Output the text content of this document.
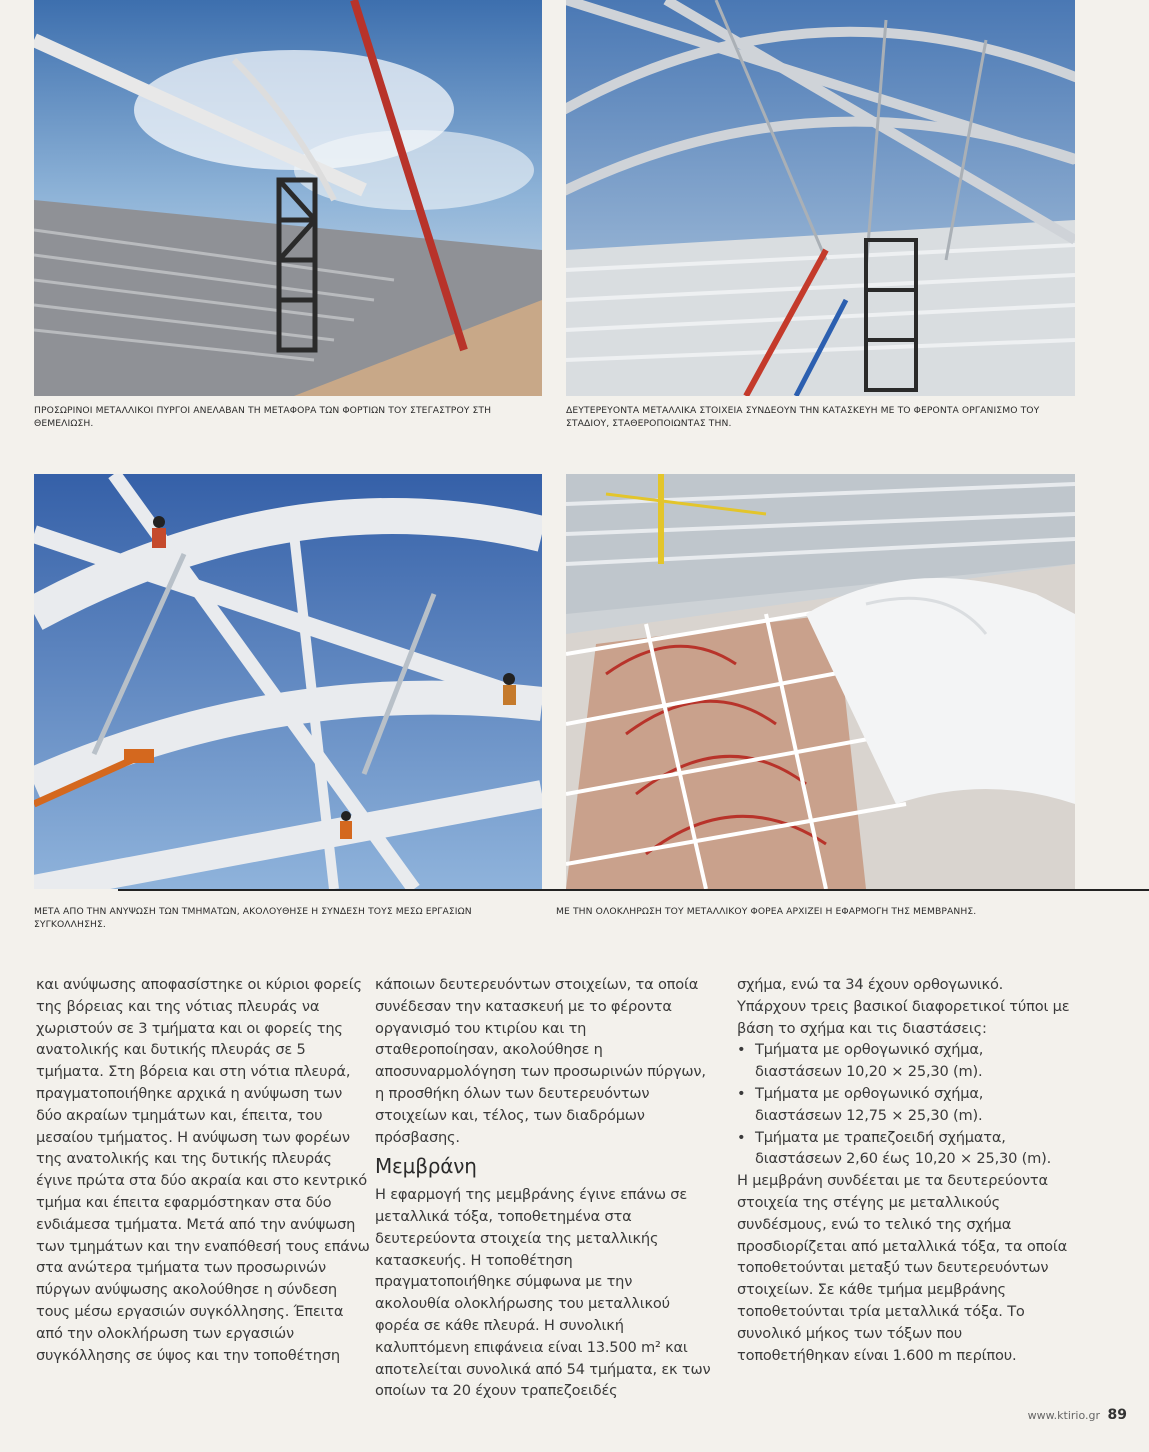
ΠΡΟΣΩΡΙΝΟΙ ΜΕΤΑΛΛΙΚΟΙ ΠΥΡΓΟΙ ΑΝΕΛΑΒΑΝ ΤΗ ΜΕΤΑΦΟΡΑ ΤΩΝ ΦΟΡΤΙΩΝ ΤΟΥ ΣΤΕΓΑΣΤΡΟΥ ΣΤΗ ΘΕΜΕΛΙΩΣΗ.
ΔΕΥΤΕΡΕΥΟΝΤΑ ΜΕΤΑΛΛΙΚΑ ΣΤΟΙΧΕΙΑ ΣΥΝΔΕΟΥΝ ΤΗΝ ΚΑΤΑΣΚΕΥΗ ΜΕ ΤΟ ΦΕΡΟΝΤΑ ΟΡΓΑΝΙΣΜΟ ΤΟΥ ΣΤΑΔΙΟΥ, ΣΤΑΘΕΡΟΠΟΙΩΝΤΑΣ ΤΗΝ.
ΜΕΤΑ ΑΠΟ ΤΗΝ ΑΝΥΨΩΣΗ ΤΩΝ ΤΜΗΜΑΤΩΝ, ΑΚΟΛΟΥΘΗΣΕ Η ΣΥΝΔΕΣΗ ΤΟΥΣ ΜΕΣΩ ΕΡΓΑΣΙΩΝ ΣΥΓΚΟΛΛΗΣΗΣ.
ΜΕ ΤΗΝ ΟΛΟΚΛΗΡΩΣΗ ΤΟΥ ΜΕΤΑΛΛΙΚΟΥ ΦΟΡΕΑ ΑΡΧΙΖΕΙ Η ΕΦΑΡΜΟΓΗ ΤΗΣ ΜΕΜΒΡΑΝΗΣ.

και ανύψωσης αποφασίστηκε οι κύριοι φορείς της βόρειας και της νότιας πλευράς να χωριστούν σε 3 τμήματα και οι φορείς της ανατολικής και δυτικής πλευράς σε 5 τμήματα. Στη βόρεια και στη νότια πλευρά, πραγματοποιήθηκε αρχικά η ανύψωση των δύο ακραίων τμημάτων και, έπειτα, του μεσαίου τμήματος. Η ανύψωση των φορέων της ανατολικής και της δυτικής πλευράς έγινε πρώτα στα δύο ακραία και στο κεντρικό τμήμα και έπειτα εφαρμόστηκαν στα δύο ενδιάμεσα τμήματα. Μετά από την ανύψωση των τμημάτων και την εναπόθεσή τους επάνω στα ανώτερα τμήματα των προσωρινών πύργων ανύψωσης ακολούθησε η σύνδεση τους μέσω εργασιών συγκόλλησης. Έπειτα από την ολοκλήρωση των εργασιών συγκόλλησης σε ύψος και την τοποθέτηση

κάποιων δευτερευόντων στοιχείων, τα οποία συνέδεσαν την κατασκευή με το φέροντα οργανισμό του κτιρίου και τη σταθεροποίησαν, ακολούθησε η αποσυναρμολόγηση των προσωρινών πύργων, η προσθήκη όλων των δευτερευόντων στοιχείων και, τέλος, των διαδρόμων πρόσβασης.

Μεμβράνη

Η εφαρμογή της μεμβράνης έγινε επάνω σε μεταλλικά τόξα, τοποθετημένα στα δευτερεύοντα στοιχεία της μεταλλικής κατασκευής. Η τοποθέτηση πραγματοποιήθηκε σύμφωνα με την ακολουθία ολοκλήρωσης του μεταλλικού φορέα σε κάθε πλευρά. Η συνολική καλυπτόμενη επιφάνεια είναι 13.500 m² και αποτελείται συνολικά από 54 τμήματα, εκ των οποίων τα 20 έχουν τραπεζοειδές

σχήμα, ενώ τα 34 έχουν ορθογωνικό. Υπάρχουν τρεις βασικοί διαφορετικοί τύποι με βάση το σχήμα και τις διαστάσεις:

• Τμήματα με ορθογωνικό σχήμα, διαστάσεων 10,20 × 25,30 (m).
• Τμήματα με ορθογωνικό σχήμα, διαστάσεων 12,75 × 25,30 (m).
• Τμήματα με τραπεζοειδή σχήματα, διαστάσεων 2,60 έως 10,20 × 25,30 (m).

Η μεμβράνη συνδέεται με τα δευτερεύοντα στοιχεία της στέγης με μεταλλικούς συνδέσμους, ενώ το τελικό της σχήμα προσδιορίζεται από μεταλλικά τόξα, τα οποία τοποθετούνται μεταξύ των δευτερευόντων στοιχείων. Σε κάθε τμήμα μεμβράνης τοποθετούνται τρία μεταλλικά τόξα. Το συνολικό μήκος των τόξων που τοποθετήθηκαν είναι 1.600 m περίπου.

www.ktirio.gr 89
